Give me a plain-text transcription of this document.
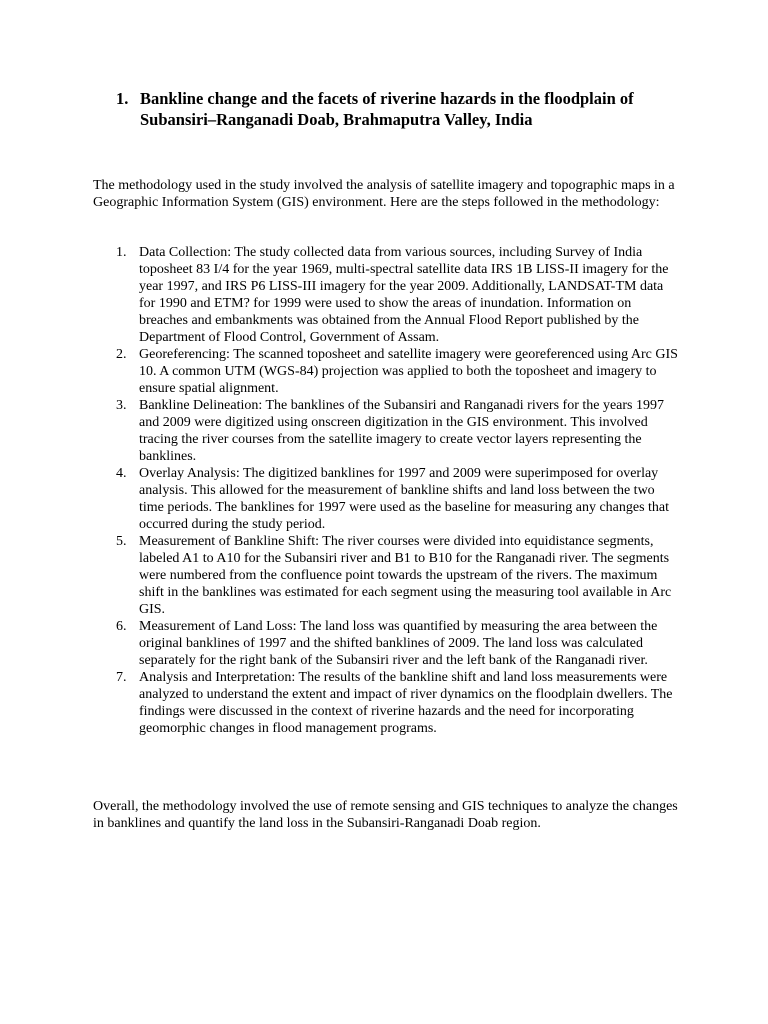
1. Bankline change and the facets of riverine hazards in the floodplain of Subansiri–Ranganadi Doab, Brahmaputra Valley, India
The methodology used in the study involved the analysis of satellite imagery and topographic maps in a Geographic Information System (GIS) environment. Here are the steps followed in the methodology:
1. Data Collection: The study collected data from various sources, including Survey of India toposheet 83 I/4 for the year 1969, multi-spectral satellite data IRS 1B LISS-II imagery for the year 1997, and IRS P6 LISS-III imagery for the year 2009. Additionally, LANDSAT-TM data for 1990 and ETM? for 1999 were used to show the areas of inundation. Information on breaches and embankments was obtained from the Annual Flood Report published by the Department of Flood Control, Government of Assam.
2. Georeferencing: The scanned toposheet and satellite imagery were georeferenced using Arc GIS 10. A common UTM (WGS-84) projection was applied to both the toposheet and imagery to ensure spatial alignment.
3. Bankline Delineation: The banklines of the Subansiri and Ranganadi rivers for the years 1997 and 2009 were digitized using onscreen digitization in the GIS environment. This involved tracing the river courses from the satellite imagery to create vector layers representing the banklines.
4. Overlay Analysis: The digitized banklines for 1997 and 2009 were superimposed for overlay analysis. This allowed for the measurement of bankline shifts and land loss between the two time periods. The banklines for 1997 were used as the baseline for measuring any changes that occurred during the study period.
5. Measurement of Bankline Shift: The river courses were divided into equidistance segments, labeled A1 to A10 for the Subansiri river and B1 to B10 for the Ranganadi river. The segments were numbered from the confluence point towards the upstream of the rivers. The maximum shift in the banklines was estimated for each segment using the measuring tool available in Arc GIS.
6. Measurement of Land Loss: The land loss was quantified by measuring the area between the original banklines of 1997 and the shifted banklines of 2009. The land loss was calculated separately for the right bank of the Subansiri river and the left bank of the Ranganadi river.
7. Analysis and Interpretation: The results of the bankline shift and land loss measurements were analyzed to understand the extent and impact of river dynamics on the floodplain dwellers. The findings were discussed in the context of riverine hazards and the need for incorporating geomorphic changes in flood management programs.
Overall, the methodology involved the use of remote sensing and GIS techniques to analyze the changes in banklines and quantify the land loss in the Subansiri-Ranganadi Doab region.
